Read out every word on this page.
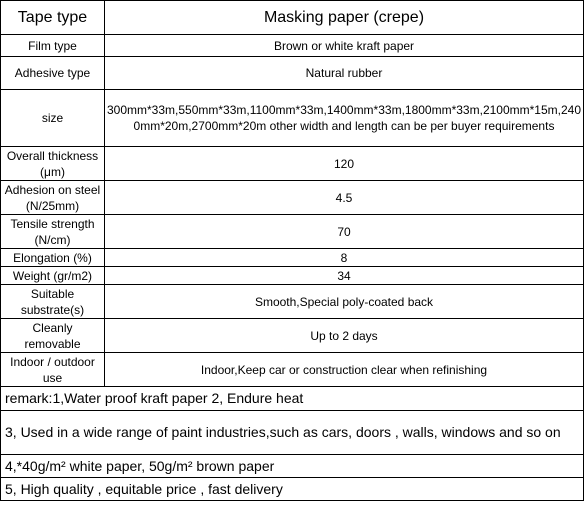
Tape type	Masking paper (crepe)
Film type	Brown or white kraft paper
Adhesive type	Natural rubber
size	300mm*33m,550mm*33m,1100mm*33m,1400mm*33m,1800mm*33m,2100mm*15m,2400mm*20m,2700mm*20m other width and length can be per buyer requirements
Overall thickness (μm)	120
Adhesion on steel (N/25mm)	4.5
Tensile strength (N/cm)	70
Elongation (%)	8
Weight (gr/m2)	34
Suitable substrate(s)	Smooth,Special poly-coated back
Cleanly removable	Up to 2 days
Indoor / outdoor use	Indoor,Keep car or construction clear when refinishing
remark:1,Water proof kraft paper 2, Endure heat	
3, Used in a wide range of paint industries,such as cars, doors , walls, windows and so on	
4,*40g/m² white paper, 50g/m² brown paper	
5, High quality , equitable price , fast delivery	
